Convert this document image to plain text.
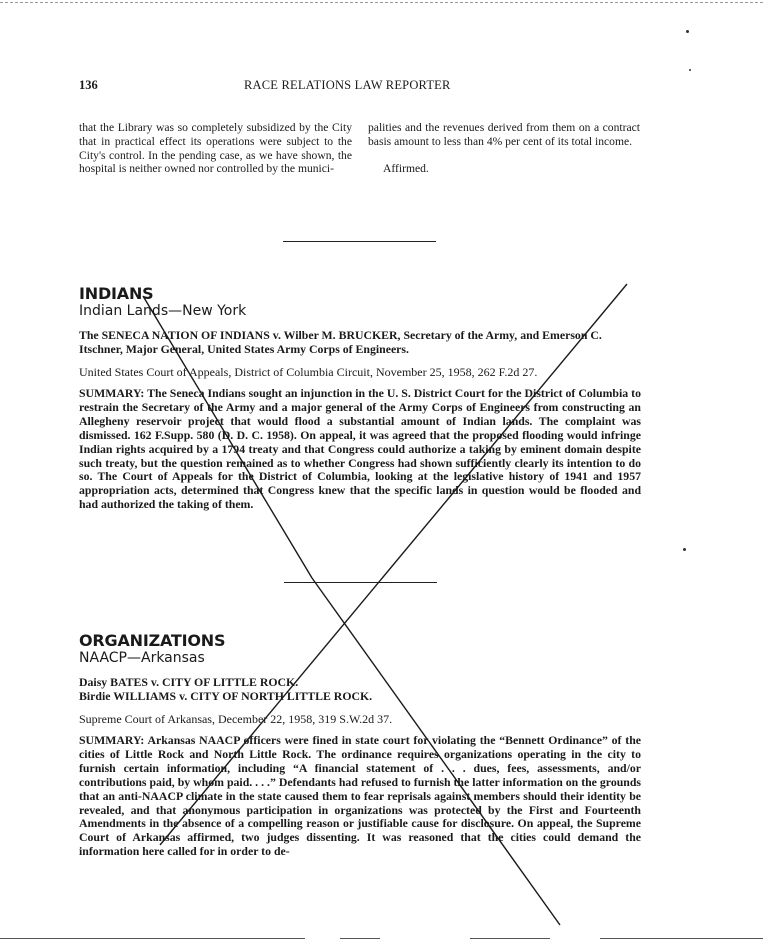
136	RACE RELATIONS LAW REPORTER
that the Library was so completely subsidized by the City that in practical effect its operations were subject to the City's control. In the pending case, as we have shown, the hospital is neither owned nor controlled by the munici-
palities and the revenues derived from them on a contract basis amount to less than 4% per cent of its total income.
Affirmed.
INDIANS
Indian Lands—New York
The SENECA NATION OF INDIANS v. Wilber M. BRUCKER, Secretary of the Army, and Emerson C. Itschner, Major General, United States Army Corps of Engineers.
United States Court of Appeals, District of Columbia Circuit, November 25, 1958, 262 F.2d 27.
SUMMARY: The Seneca Indians sought an injunction in the U. S. District Court for the District of Columbia to restrain the Secretary of the Army and a major general of the Army Corps of Engineers from constructing an Allegheny reservoir project that would flood a substantial amount of Indian lands. The complaint was dismissed. 162 F.Supp. 580 (D. D. C. 1958). On appeal, it was agreed that the proposed flooding would infringe Indian rights acquired by a 1794 treaty and that Congress could authorize a taking by eminent domain despite such treaty, but the question remained as to whether Congress had shown sufficiently clearly its intention to do so. The Court of Appeals for the District of Columbia, looking at the legislative history of 1941 and 1957 appropriation acts, determined that Congress knew that the specific lands in question would be flooded and had authorized the taking of them.
ORGANIZATIONS
NAACP—Arkansas
Daisy BATES v. CITY OF LITTLE ROCK.
Birdie WILLIAMS v. CITY OF NORTH LITTLE ROCK.
Supreme Court of Arkansas, December 22, 1958, 319 S.W.2d 37.
SUMMARY: Arkansas NAACP officers were fined in state court for violating the “Bennett Ordinance” of the cities of Little Rock and North Little Rock. The ordinance requires organizations operating in the city to furnish certain information, including “A financial statement of . . . dues, fees, assessments, and/or contributions paid, by whom paid. . . .” Defendants had refused to furnish the latter information on the grounds that an anti-NAACP climate in the state caused them to fear reprisals against members should their identity be revealed, and that anonymous participation in organizations was protected by the First and Fourteenth Amendments in the absence of a compelling reason or justifiable cause for disclosure. On appeal, the Supreme Court of Arkansas affirmed, two judges dissenting. It was reasoned that the cities could demand the information here called for in order to de-
